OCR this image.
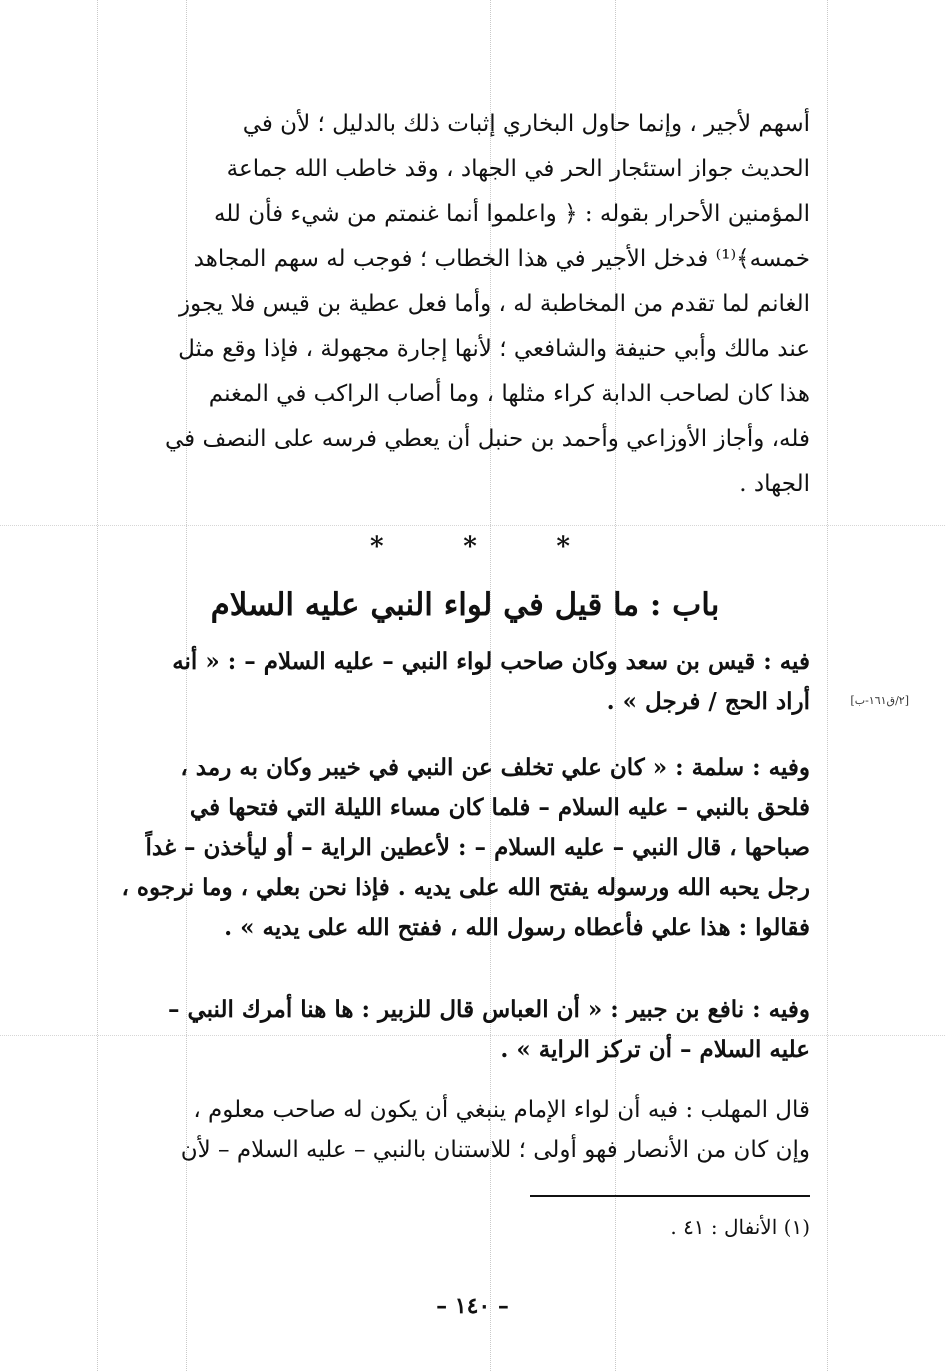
أسهم لأجير ، وإنما حاول البخاري إثبات ذلك بالدليل ؛ لأن في

الحديث جواز استئجار الحر في الجهاد ، وقد خاطب الله جماعة

المؤمنين الأحرار بقوله : ﴿ واعلموا أنما غنمتم من شيء فأن لله

خمسه﴾⁽¹⁾ فدخل الأجير في هذا الخطاب ؛ فوجب له سهم المجاهد

الغانم لما تقدم من المخاطبة له ، وأما فعل عطية بن قيس فلا يجوز

عند مالك وأبي حنيفة والشافعي ؛ لأنها إجارة مجهولة ، فإذا وقع مثل

هذا كان لصاحب الدابة كراء مثلها ، وما أصاب الراكب في المغنم

فله، وأجاز الأوزاعي وأحمد بن حنبل أن يعطي فرسه على النصف في

الجهاد .

*	*	*
باب : ما قيل في لواء النبي عليه السلام

فيه : قيس بن سعد وكان صاحب لواء النبي – عليه السلام – : « أنه

أراد الحج / فرجل » .	[٢/ق١٦١-ب]

وفيه : سلمة : « كان علي تخلف عن النبي في خيبر وكان به رمد ،

فلحق بالنبي – عليه السلام – فلما كان مساء الليلة التي فتحها في

صباحها ، قال النبي – عليه السلام – : لأعطين الراية – أو ليأخذن – غداً

رجل يحبه الله ورسوله يفتح الله على يديه . فإذا نحن بعلي ، وما نرجوه ،

فقالوا : هذا علي فأعطاه رسول الله ، ففتح الله على يديه » .

وفيه : نافع بن جبير : « أن العباس قال للزبير : ها هنا أمرك النبي –

عليه السلام – أن تركز الراية » .

قال المهلب : فيه أن لواء الإمام ينبغي أن يكون له صاحب معلوم ،

وإن كان من الأنصار فهو أولى ؛ للاستنان بالنبي – عليه السلام – لأن

(١) الأنفال : ٤١ .
– ١٤٠ –
